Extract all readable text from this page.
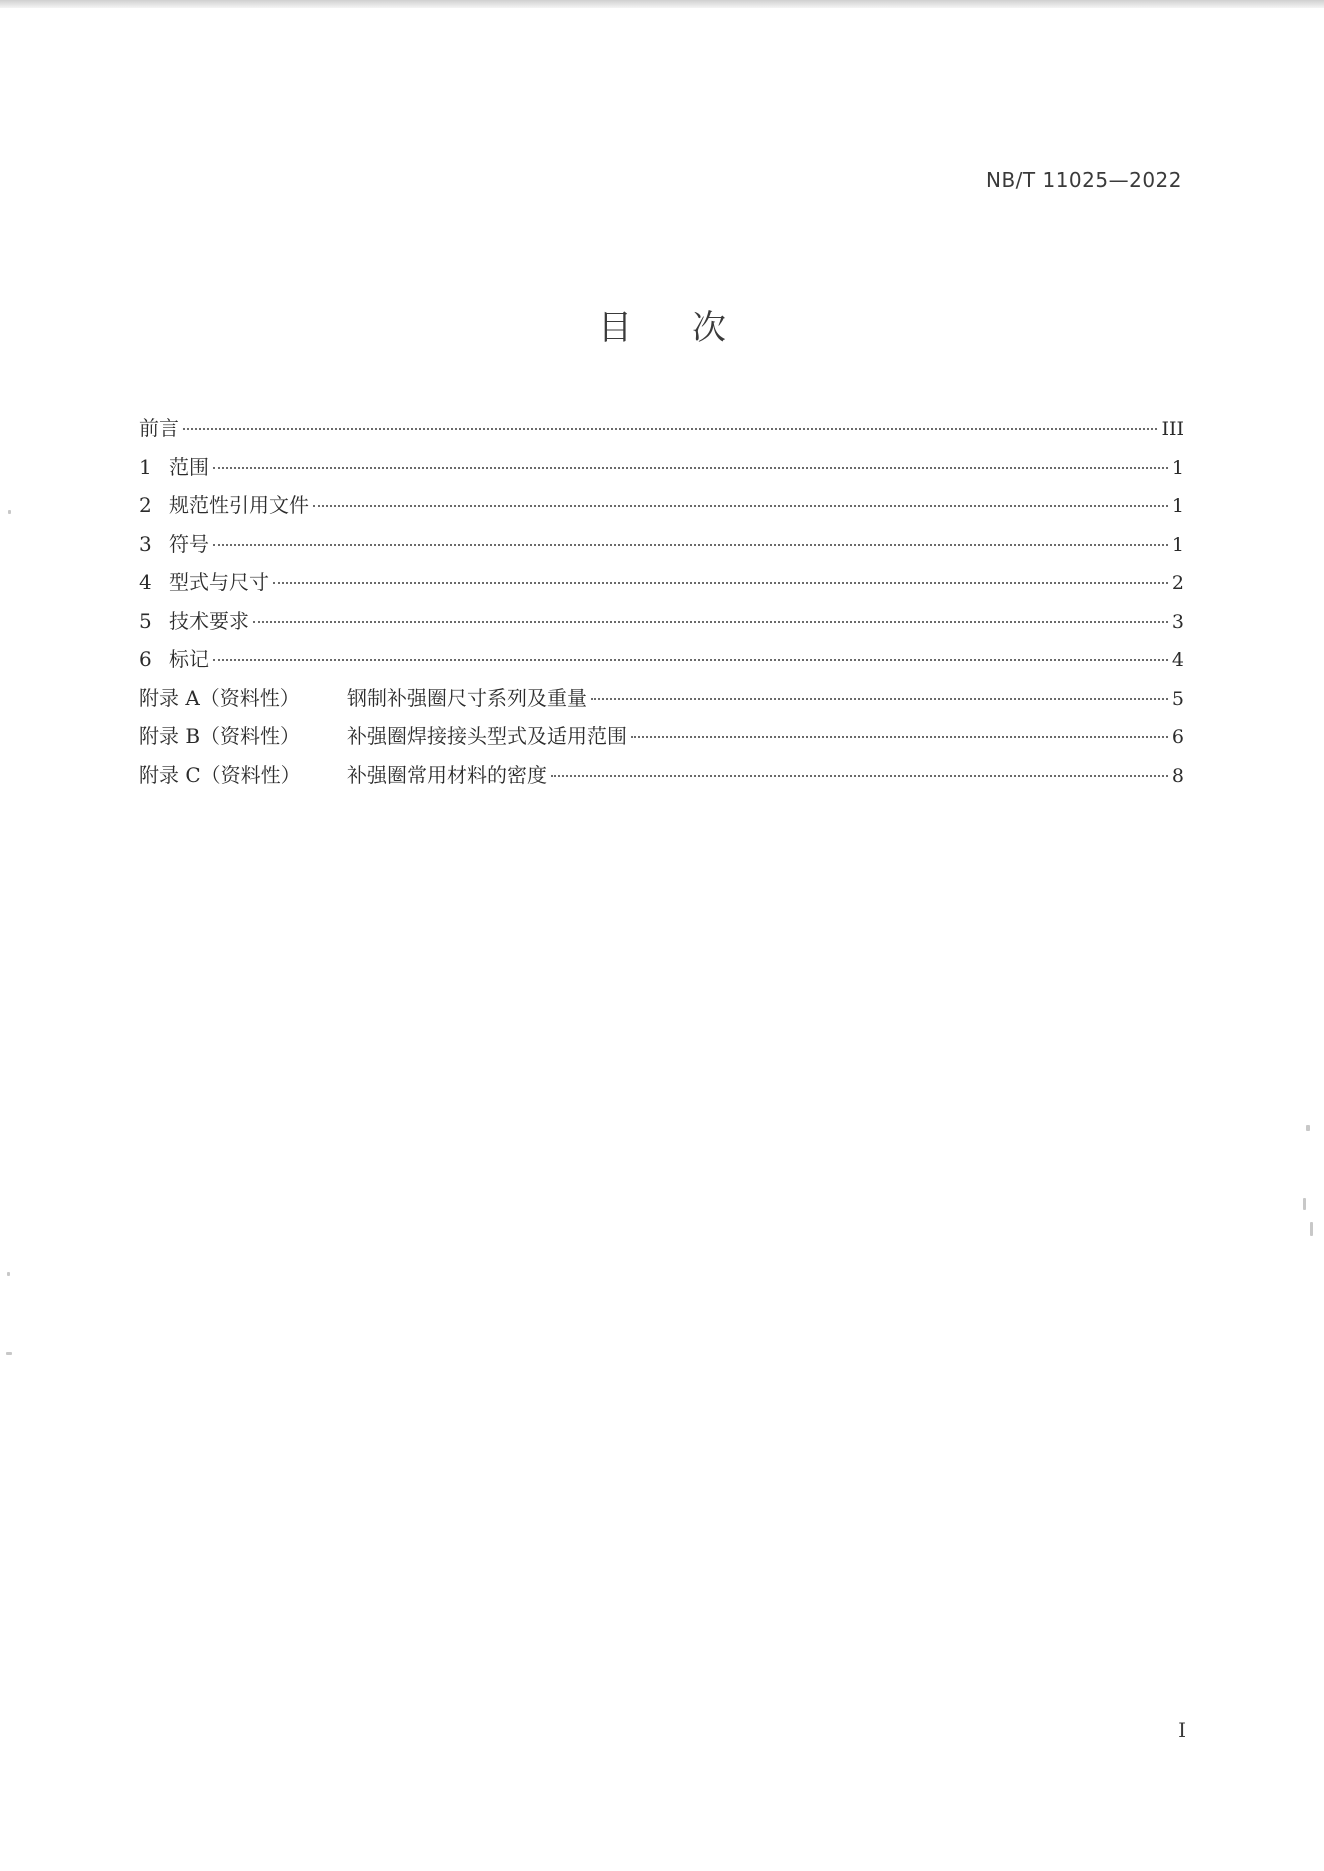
NB/T 11025—2022
目次
前言	III
1 范围	1
2 规范性引用文件	1
3 符号	1
4 型式与尺寸	2
5 技术要求	3
6 标记	4
附录 A（资料性）	钢制补强圈尺寸系列及重量	5
附录 B（资料性）	补强圈焊接接头型式及适用范围	6
附录 C（资料性）	补强圈常用材料的密度	8
I
